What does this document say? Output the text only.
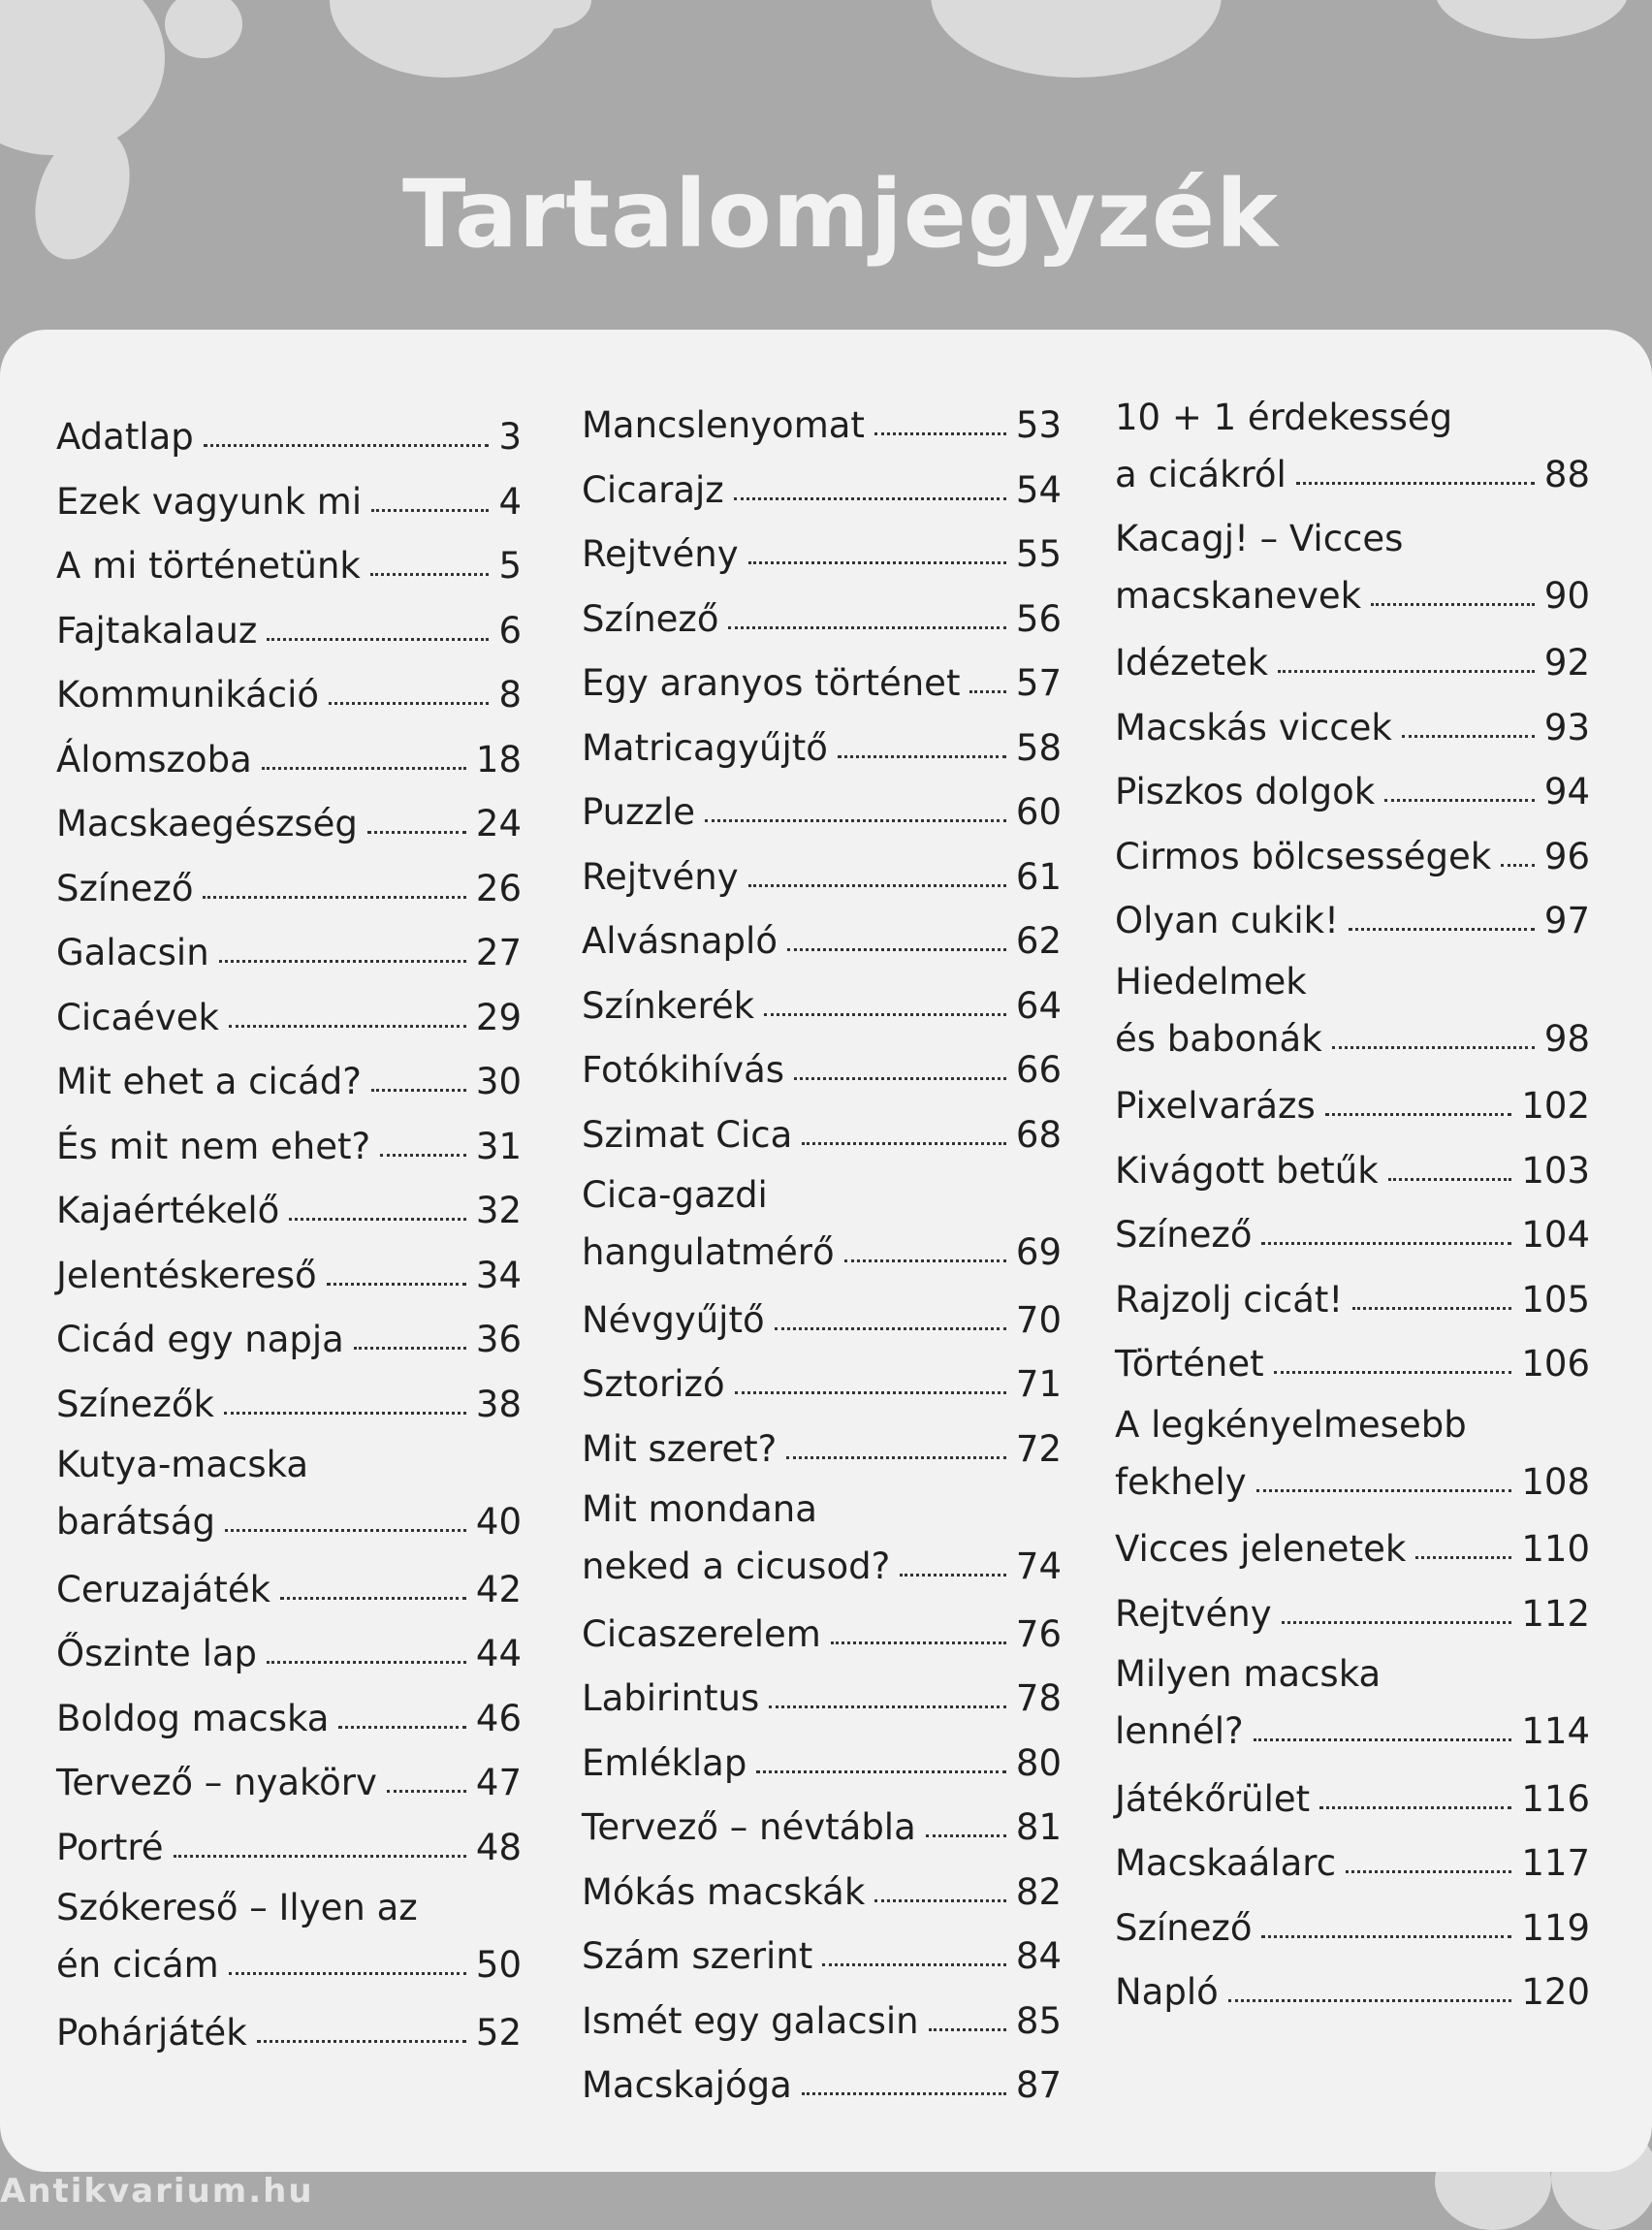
Tartalomjegyzék
Adatlap	3
Ezek vagyunk mi	4
A mi történetünk	5
Fajtakalauz	6
Kommunikáció	8
Álomszoba	18
Macskaegészség	24
Színező	26
Galacsin	27
Cicaévek	29
Mit ehet a cicád?	30
És mit nem ehet?	31
Kajaértékelő	32
Jelentéskereső	34
Cicád egy napja	36
Színezők	38
Kutya-macska
barátság	40
Ceruzajáték	42
Őszinte lap	44
Boldog macska	46
Tervező – nyakörv	47
Portré	48
Szókereső – Ilyen az
én cicám	50
Pohárjáték	52
Mancslenyomat	53
Cicarajz	54
Rejtvény	55
Színező	56
Egy aranyos történet 57
Matricagyűjtő	58
Puzzle	60
Rejtvény	61
Alvásnapló	62
Színkerék	64
Fotókihívás	66
Szimat Cica	68
Cica-gazdi
hangulatmérő	69
Névgyűjtő	70
Sztorizó	71
Mit szeret?	72
Mit mondana
neked a cicusod?	74
Cicaszerelem	76
Labirintus	78
Emléklap	80
Tervező – névtábla	81
Mókás macskák	82
Szám szerint	84
Ismét egy galacsin	85
Macskajóga	87
10 + 1 érdekesség
a cicákról	88
Kacagj! – Vicces
macskanevek	90
Idézetek	92
Macskás viccek	93
Piszkos dolgok	94
Cirmos bölcsességek 96
Olyan cukik!	97
Hiedelmek
és babonák	98
Pixelvarázs	102
Kivágott betűk	103
Színező	104
Rajzolj cicát!	105
Történet	106
A legkényelmesebb
fekhely	108
Vicces jelenetek	110
Rejtvény	112
Milyen macska
lennél?	114
Játékőrület	116
Macskaálarc	117
Színező	119
Napló	120
Antikvarium.hu
